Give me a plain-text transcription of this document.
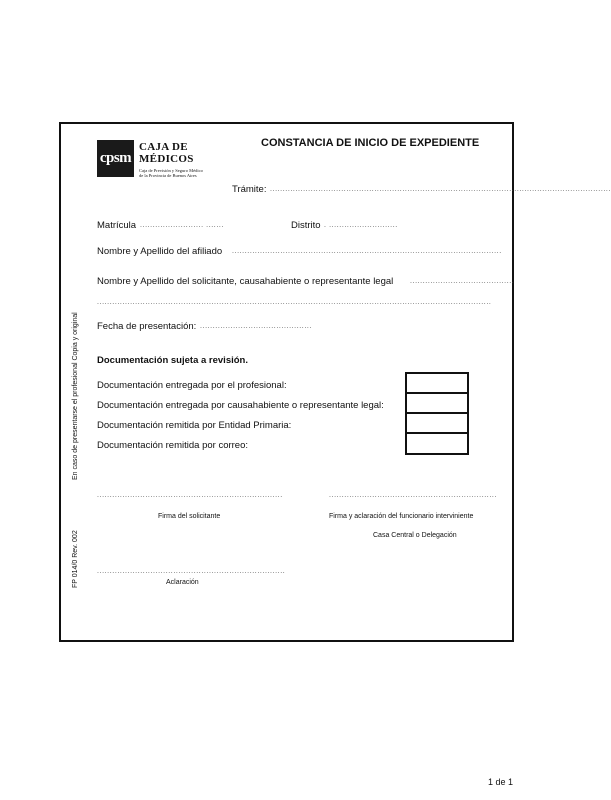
cpsm
CAJA DE
MÉDICOS
Caja de Previsión y Seguro Médico
de la Provincia de Buenos Aires
CONSTANCIA DE INICIO DE EXPEDIENTE
Trámite: ......................................................................................................................................
Matrícula ......................... .......	Distrito . ...........................
Nombre y Apellido del afiliado ..........................................................................................................
Nombre y Apellido del solicitante, causahabiente o representante legal .........................................
...........................................................................................................................................................
Fecha de presentación: ............................................
Documentación sujeta a revisión.
Documentación entregada por el profesional:
Documentación entregada por causahabiente o representante legal:
Documentación remitida por Entidad Primaria:
Documentación remitida por correo:
.........................................................................	..................................................................
Firma del solicitante	Firma y aclaración del funcionario interviniente
Casa Central o Delegación
..........................................................................
Aclaración
En caso de presentarse el profesional Copia y original
FP 014/0 Rev. 002
1 de 1
